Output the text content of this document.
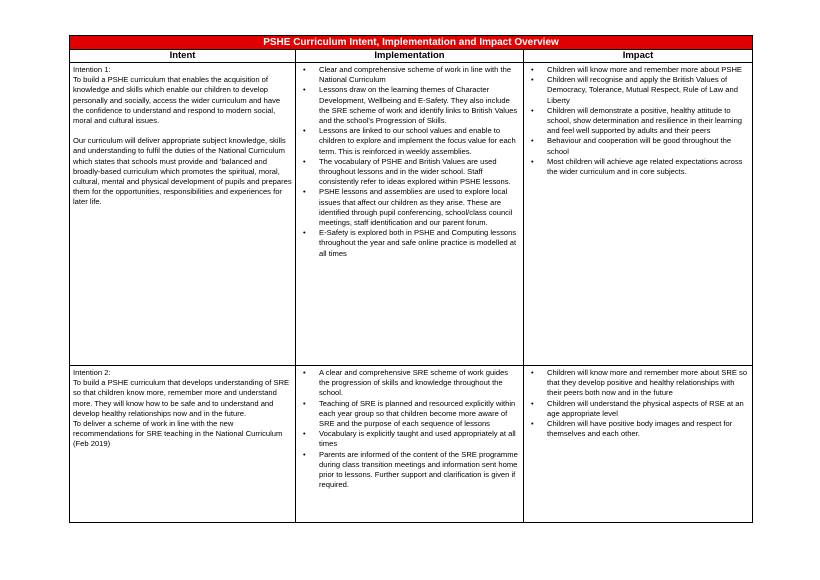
PSHE Curriculum Intent, Implementation and Impact Overview
Intent	Implementation	Impact

Intention 1:

To build a PSHE curriculum that enables the acquisition of knowledge and skills which enable our children to develop personally and socially, access the wider curriculum and have the confidence to understand and respond to modern social, moral and cultural issues.

Our curriculum will deliver appropriate subject knowledge, skills and understanding to fulfil the duties of the National Curriculum which states that schools must provide and 'balanced and broadly-based curriculum which promotes the spiritual, moral, cultural, mental and physical development of pupils and prepares them for the opportunities, responsibilities and experiences for later life.

• Clear and comprehensive scheme of work in line with the National Curriculum
• Lessons draw on the learning themes of Character Development, Wellbeing and E-Safety. They also include the SRE scheme of work and identify links to British Values and the school's Progression of Skills.
• Lessons are linked to our school values and enable to children to explore and implement the focus value for each term. This is reinforced in weekly assemblies.
• The vocabulary of PSHE and British Values are used throughout lessons and in the wider school. Staff consistently refer to ideas explored within PSHE lessons.
• PSHE lessons and assemblies are used to explore local issues that affect our children as they arise. These are identified through pupil conferencing, school/class council meetings, staff identification and our parent forum.
• E-Safety is explored both in PSHE and Computing lessons throughout the year and safe online practice is modelled at all times
• Children will know more and remember more about PSHE
• Children will recognise and apply the British Values of Democracy, Tolerance, Mutual Respect, Rule of Law and Liberty
• Children will demonstrate a positive, healthy attitude to school, show determination and resilience in their learning and feel well supported by adults and their peers
• Behaviour and cooperation will be good throughout the school
• Most children will achieve age related expectations across the wider curriculum and in core subjects.

Intention 2:

To build a PSHE curriculum that develops understanding of SRE so that children know more, remember more and understand more. They will know how to be safe and to understand and develop healthy relationships now and in the future.

To deliver a scheme of work in line with the new recommendations for SRE teaching in the National Curriculum (Feb 2019)

• A clear and comprehensive SRE scheme of work guides the progression of skills and knowledge throughout the school.
• Teaching of SRE is planned and resourced explicitly within each year group so that children become more aware of SRE and the purpose of each sequence of lessons
• Vocabulary is explicitly taught and used appropriately at all times
• Parents are informed of the content of the SRE programme during class transition meetings and information sent home prior to lessons. Further support and clarification is given if required.
• Children will know more and remember more about SRE so that they develop positive and healthy relationships with their peers both now and in the future
• Children will understand the physical aspects of RSE at an age appropriate level
• Children will have positive body images and respect for themselves and each other.
